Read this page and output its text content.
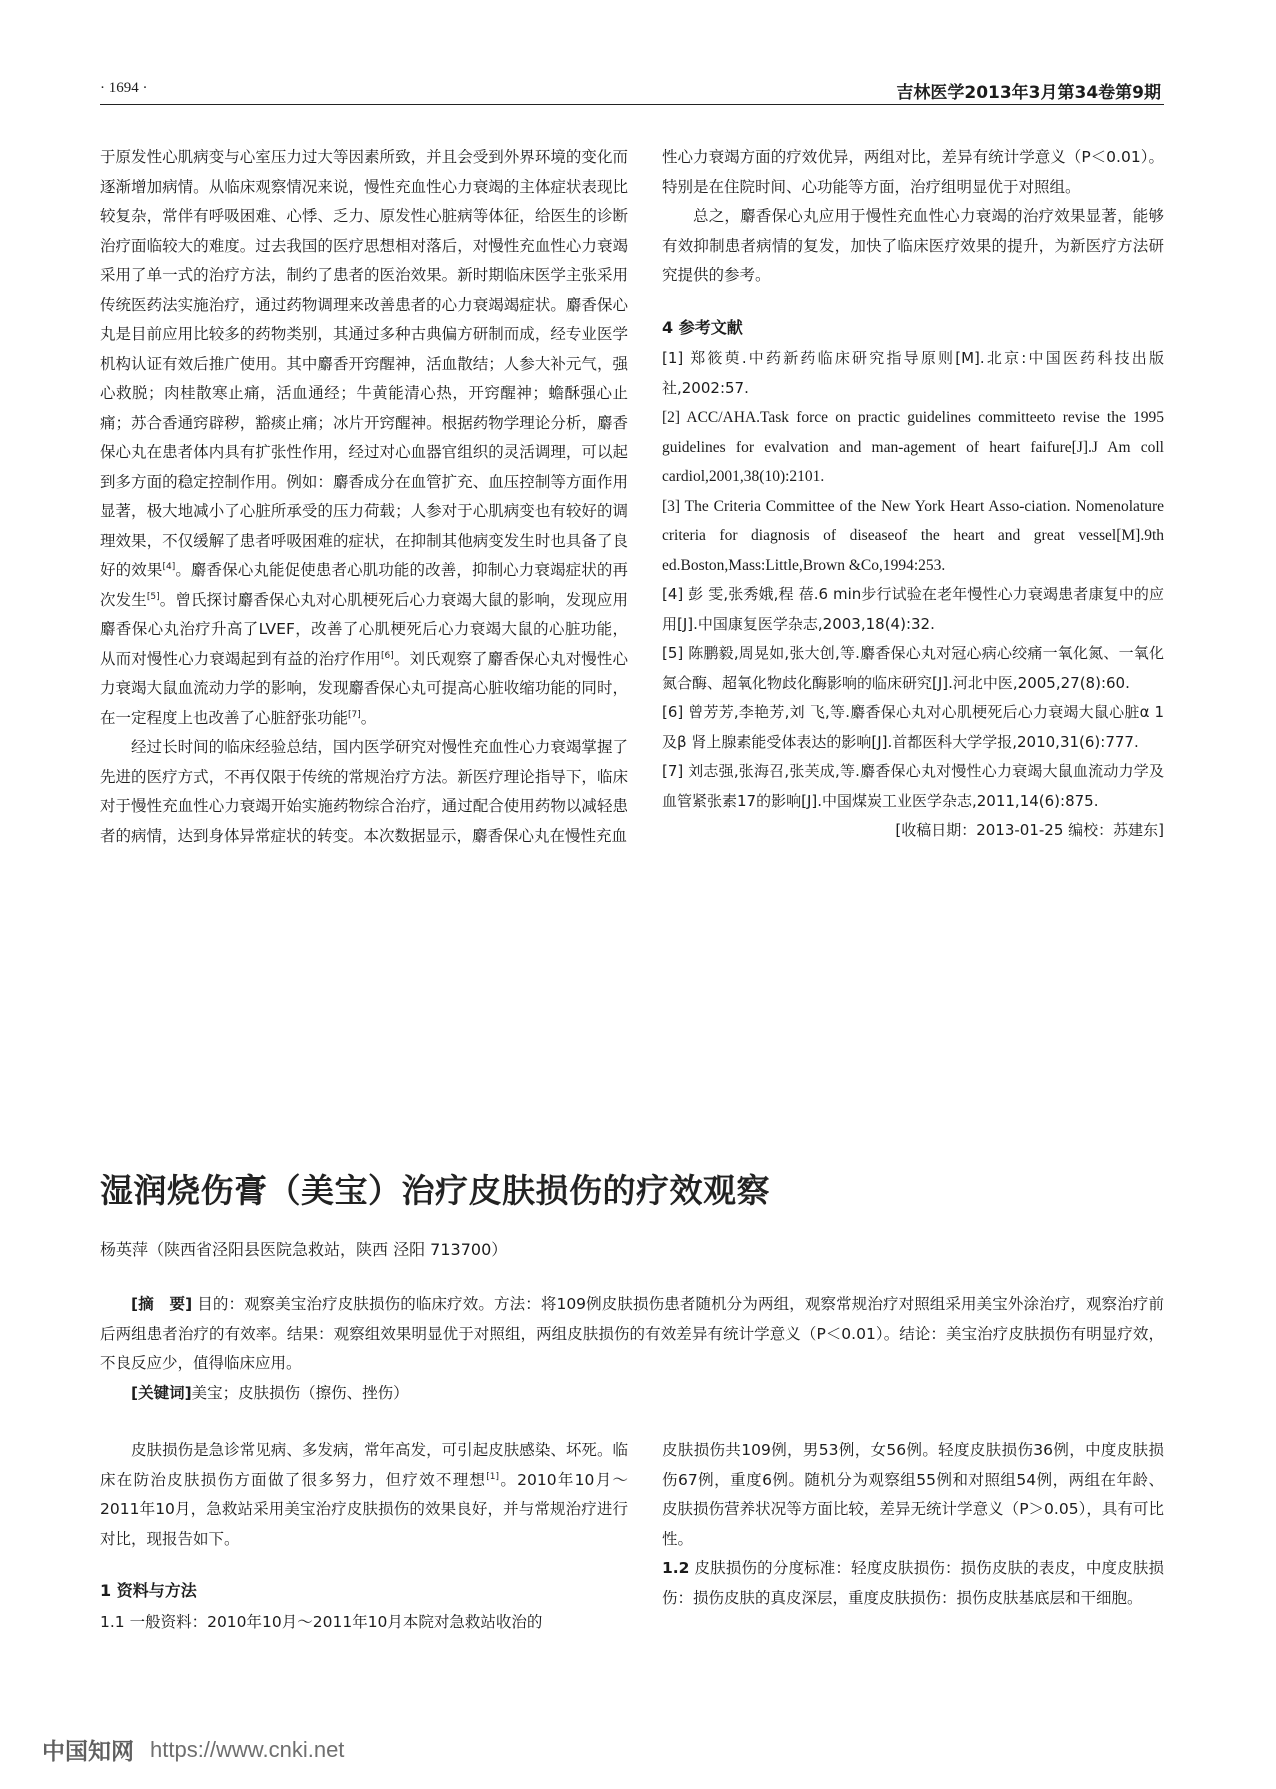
· 1694 ·	吉林医学2013年3月第34卷第9期

于原发性心肌病变与心室压力过大等因素所致，并且会受到外界环境的变化而逐渐增加病情。从临床观察情况来说，慢性充血性心力衰竭的主体症状表现比较复杂，常伴有呼吸困难、心悸、乏力、原发性心脏病等体征，给医生的诊断治疗面临较大的难度。过去我国的医疗思想相对落后，对慢性充血性心力衰竭采用了单一式的治疗方法，制约了患者的医治效果。新时期临床医学主张采用传统医药法实施治疗，通过药物调理来改善患者的心力衰竭竭症状。麝香保心丸是目前应用比较多的药物类别，其通过多种古典偏方研制而成，经专业医学机构认证有效后推广使用。其中麝香开窍醒神，活血散结；人参大补元气，强心救脱；肉桂散寒止痛，活血通经；牛黄能清心热，开窍醒神；蟾酥强心止痛；苏合香通窍辟秽，豁痰止痛；冰片开窍醒神。根据药物学理论分析，麝香保心丸在患者体内具有扩张性作用，经过对心血器官组织的灵活调理，可以起到多方面的稳定控制作用。例如：麝香成分在血管扩充、血压控制等方面作用显著，极大地减小了心脏所承受的压力荷载；人参对于心肌病变也有较好的调理效果，不仅缓解了患者呼吸困难的症状，在抑制其他病变发生时也具备了良好的效果[4]。麝香保心丸能促使患者心肌功能的改善，抑制心力衰竭症状的再次发生[5]。曾氏探讨麝香保心丸对心肌梗死后心力衰竭大鼠的影响，发现应用麝香保心丸治疗升高了LVEF，改善了心肌梗死后心力衰竭大鼠的心脏功能，从而对慢性心力衰竭起到有益的治疗作用[6]。刘氏观察了麝香保心丸对慢性心力衰竭大鼠血流动力学的影响，发现麝香保心丸可提高心脏收缩功能的同时，在一定程度上也改善了心脏舒张功能[7]。

经过长时间的临床经验总结，国内医学研究对慢性充血性心力衰竭掌握了先进的医疗方式，不再仅限于传统的常规治疗方法。新医疗理论指导下，临床对于慢性充血性心力衰竭开始实施药物综合治疗，通过配合使用药物以减轻患者的病情，达到身体异常症状的转变。本次数据显示，麝香保心丸在慢性充血

性心力衰竭方面的疗效优异，两组对比，差异有统计学意义（P＜0.01）。特别是在住院时间、心功能等方面，治疗组明显优于对照组。

总之，麝香保心丸应用于慢性充血性心力衰竭的治疗效果显著，能够有效抑制患者病情的复发，加快了临床医疗效果的提升，为新医疗方法研究提供的参考。

4 参考文献

[1] 郑筱萸.中药新药临床研究指导原则[M].北京:中国医药科技出版社,2002:57.

[2] ACC/AHA.Task force on practic guidelines committeeto revise the 1995 guidelines for evalvation and man-agement of heart faifure[J].J Am coll cardiol,2001,38(10):2101.

[3] The Criteria Committee of the New York Heart Asso-ciation. Nomenolature criteria for diagnosis of diseaseof the heart and great vessel[M].9th ed.Boston,Mass:Little,Brown &Co,1994:253.

[4] 彭 雯,张秀娥,程 蓓.6 min步行试验在老年慢性心力衰竭患者康复中的应用[J].中国康复医学杂志,2003,18(4):32.

[5] 陈鹏毅,周晃如,张大创,等.麝香保心丸对冠心病心绞痛一氧化氮、一氧化氮合酶、超氧化物歧化酶影响的临床研究[J].河北中医,2005,27(8):60.

[6] 曾芳芳,李艳芳,刘 飞,等.麝香保心丸对心肌梗死后心力衰竭大鼠心脏α 1及β 肾上腺素能受体表达的影响[J].首都医科大学学报,2010,31(6):777.

[7] 刘志强,张海召,张芙成,等.麝香保心丸对慢性心力衰竭大鼠血流动力学及血管紧张素17的影响[J].中国煤炭工业医学杂志,2011,14(6):875.

[收稿日期：2013-01-25 编校：苏建东]

湿润烧伤膏（美宝）治疗皮肤损伤的疗效观察
杨英萍（陕西省泾阳县医院急救站，陕西 泾阳 713700）

[摘　要] 目的：观察美宝治疗皮肤损伤的临床疗效。方法：将109例皮肤损伤患者随机分为两组，观察常规治疗对照组采用美宝外涂治疗，观察治疗前后两组患者治疗的有效率。结果：观察组效果明显优于对照组，两组皮肤损伤的有效差异有统计学意义（P＜0.01）。结论：美宝治疗皮肤损伤有明显疗效，不良反应少，值得临床应用。

[关键词]美宝；皮肤损伤（擦伤、挫伤）

皮肤损伤是急诊常见病、多发病，常年高发，可引起皮肤感染、坏死。临床在防治皮肤损伤方面做了很多努力，但疗效不理想[1]。2010年10月～2011年10月，急救站采用美宝治疗皮肤损伤的效果良好，并与常规治疗进行对比，现报告如下。

1 资料与方法

1.1 一般资料：2010年10月～2011年10月本院对急救站收治的

皮肤损伤共109例，男53例，女56例。轻度皮肤损伤36例，中度皮肤损伤67例，重度6例。随机分为观察组55例和对照组54例，两组在年龄、皮肤损伤营养状况等方面比较，差异无统计学意义（P＞0.05），具有可比性。

1.2 皮肤损伤的分度标准：轻度皮肤损伤：损伤皮肤的表皮，中度皮肤损伤：损伤皮肤的真皮深层，重度皮肤损伤：损伤皮肤基底层和干细胞。

中国知网 https://www.cnki.net
